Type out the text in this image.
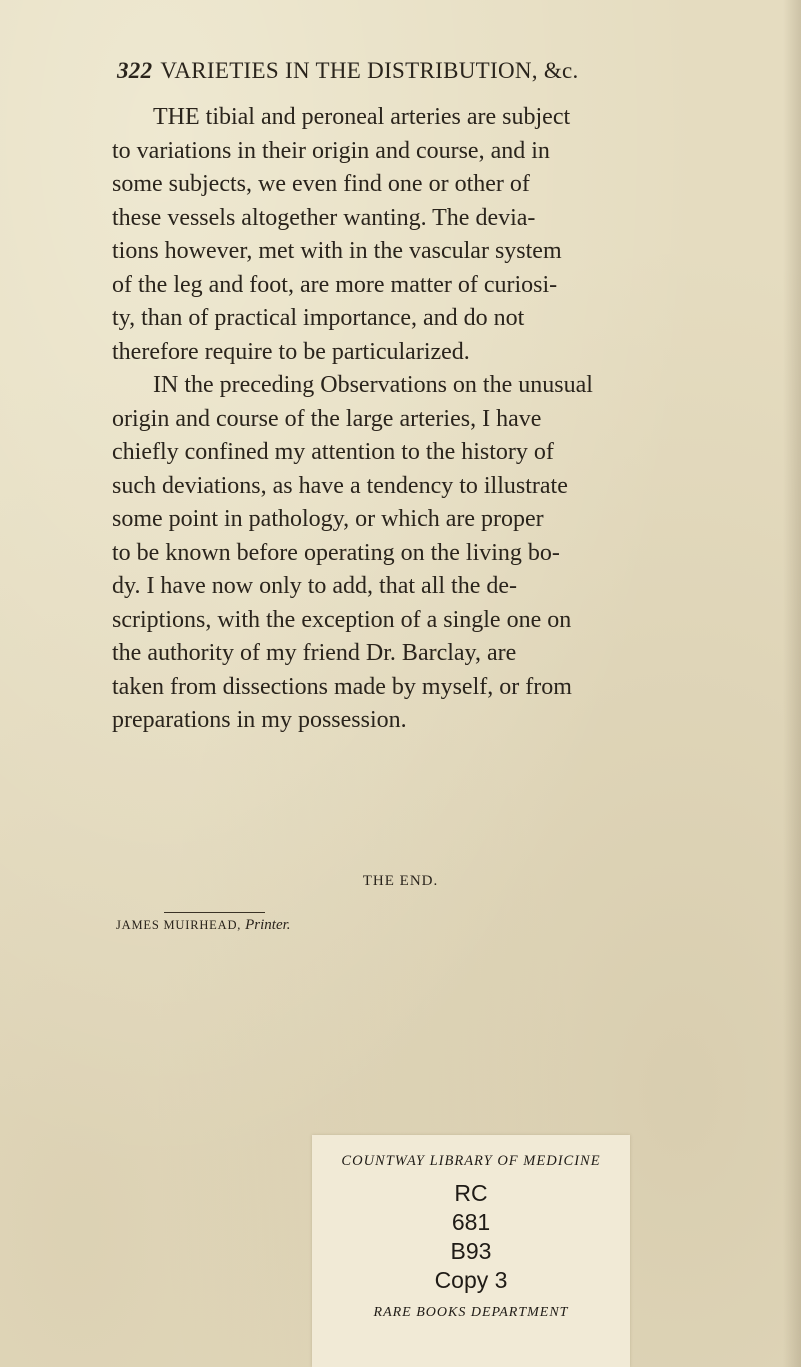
322 VARIETIES IN THE DISTRIBUTION, &c.

THE tibial and peroneal arteries are subject
to variations in their origin and course, and in
some subjects, we even find one or other of
these vessels altogether wanting. The devia-
tions however, met with in the vascular system
of the leg and foot, are more matter of curiosi-
ty, than of practical importance, and do not
therefore require to be particularized.

IN the preceding Observations on the unusual
origin and course of the large arteries, I have
chiefly confined my attention to the history of
such deviations, as have a tendency to illustrate
some point in pathology, or which are proper
to be known before operating on the living bo-
dy. I have now only to add, that all the de-
scriptions, with the exception of a single one on
the authority of my friend Dr. Barclay, are
taken from dissections made by myself, or from
preparations in my possession.

THE END.
JAMES MUIRHEAD, Printer.
COUNTWAY LIBRARY OF MEDICINE
RC
681
B93
Copy 3
RARE BOOKS DEPARTMENT
